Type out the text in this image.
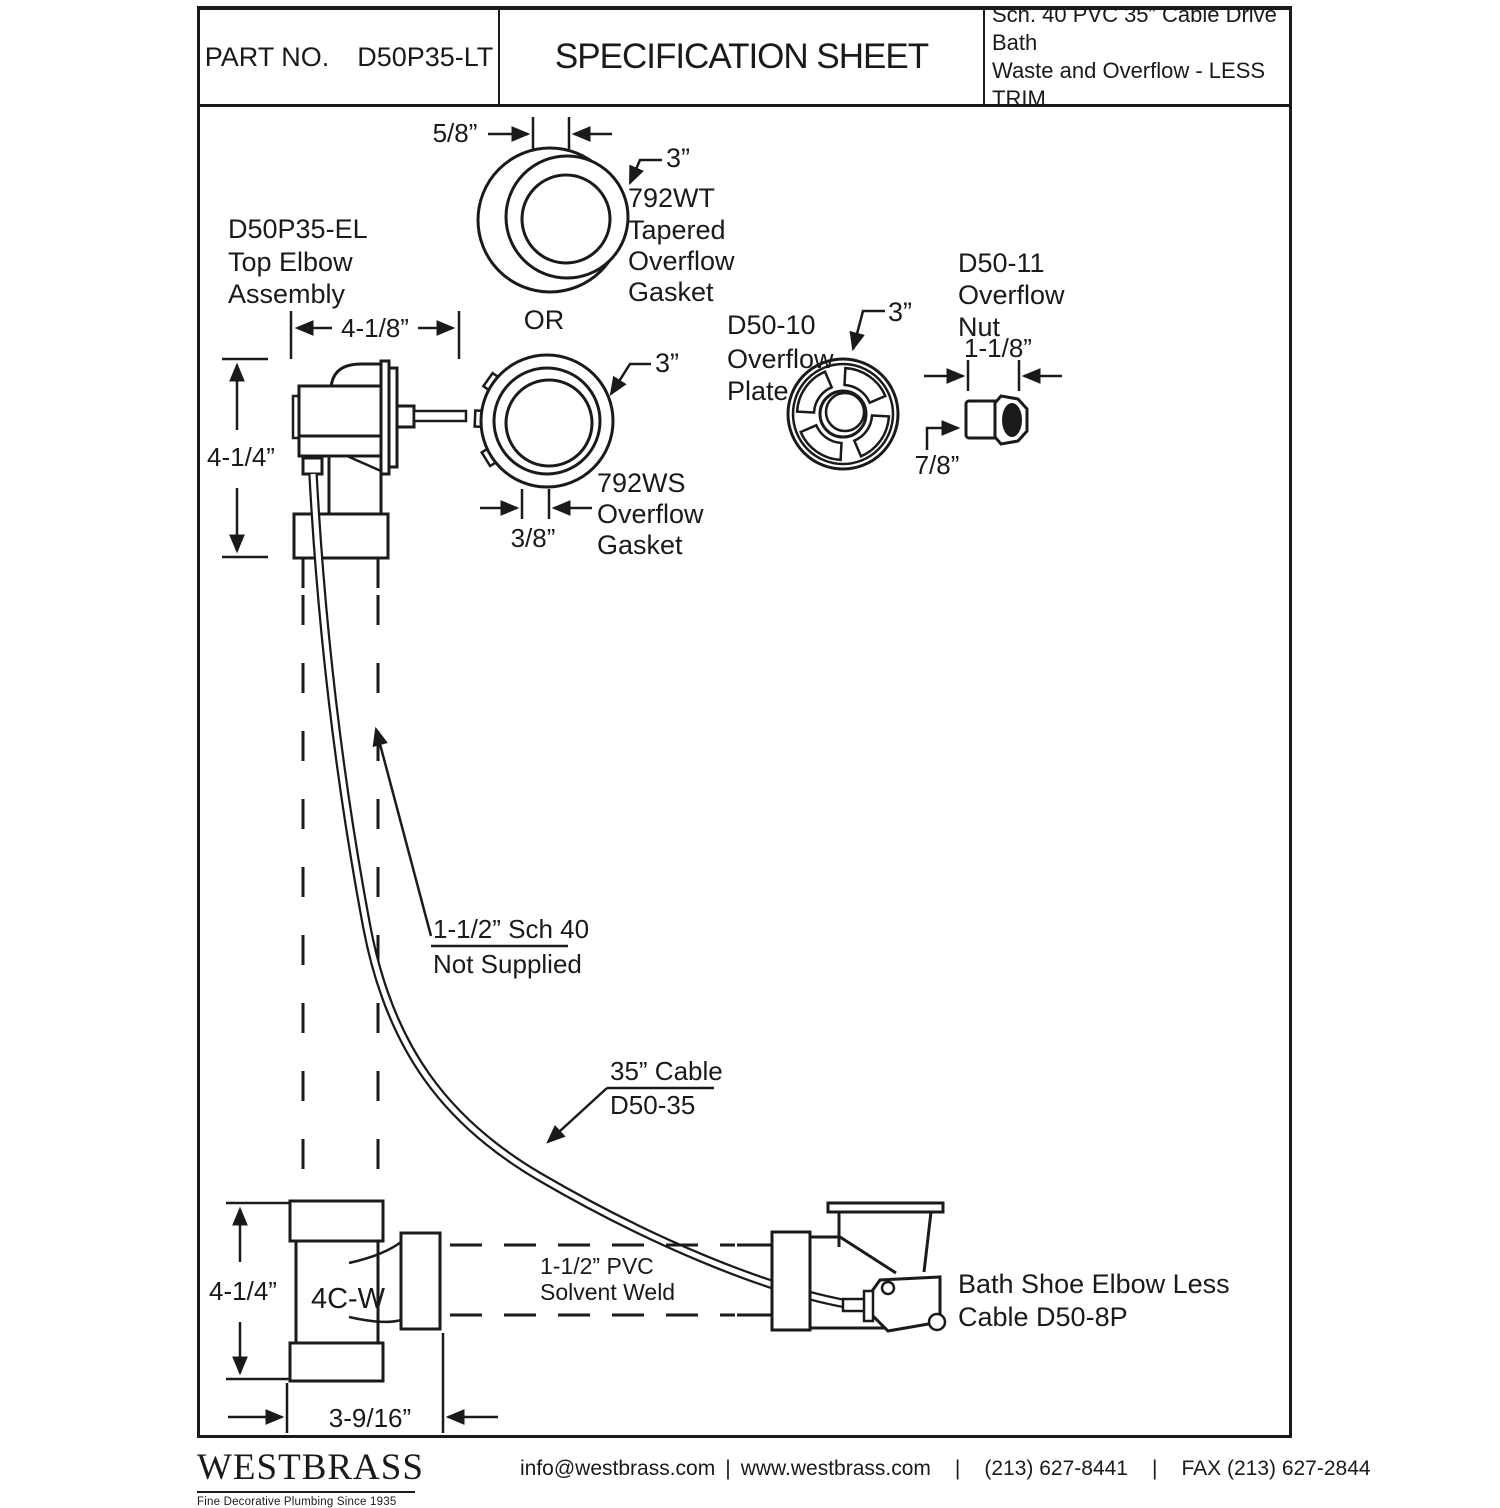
PART NO. D50P35-LT SPECIFICATION SHEET
Sch. 40 PVC 35” Cable Drive Bath
Waste and Overflow - LESS TRIM
5/8”
3”
792WT
Tapered
Overflow
Gasket
OR
3”
792WS
Overflow
Gasket
3/8”
D50-10
Overflow
Plate
3”
D50-11
Overflow
Nut
1-1/8”
7/8”
D50P35-EL
Top Elbow
Assembly
4-1/8”
4-1/4”
1-1/2” Sch 40
Not Supplied
35” Cable
D50-35
4C-W
4-1/4”
3-9/16”
1-1/2” PVC
Solvent Weld	Bath Shoe Elbow Less
Cable D50-8P
WESTBRASS
Fine Decorative Plumbing Since 1935
info@westbrass.com | www.westbrass.com | (213) 627-8441 | FAX (213) 627-2844
